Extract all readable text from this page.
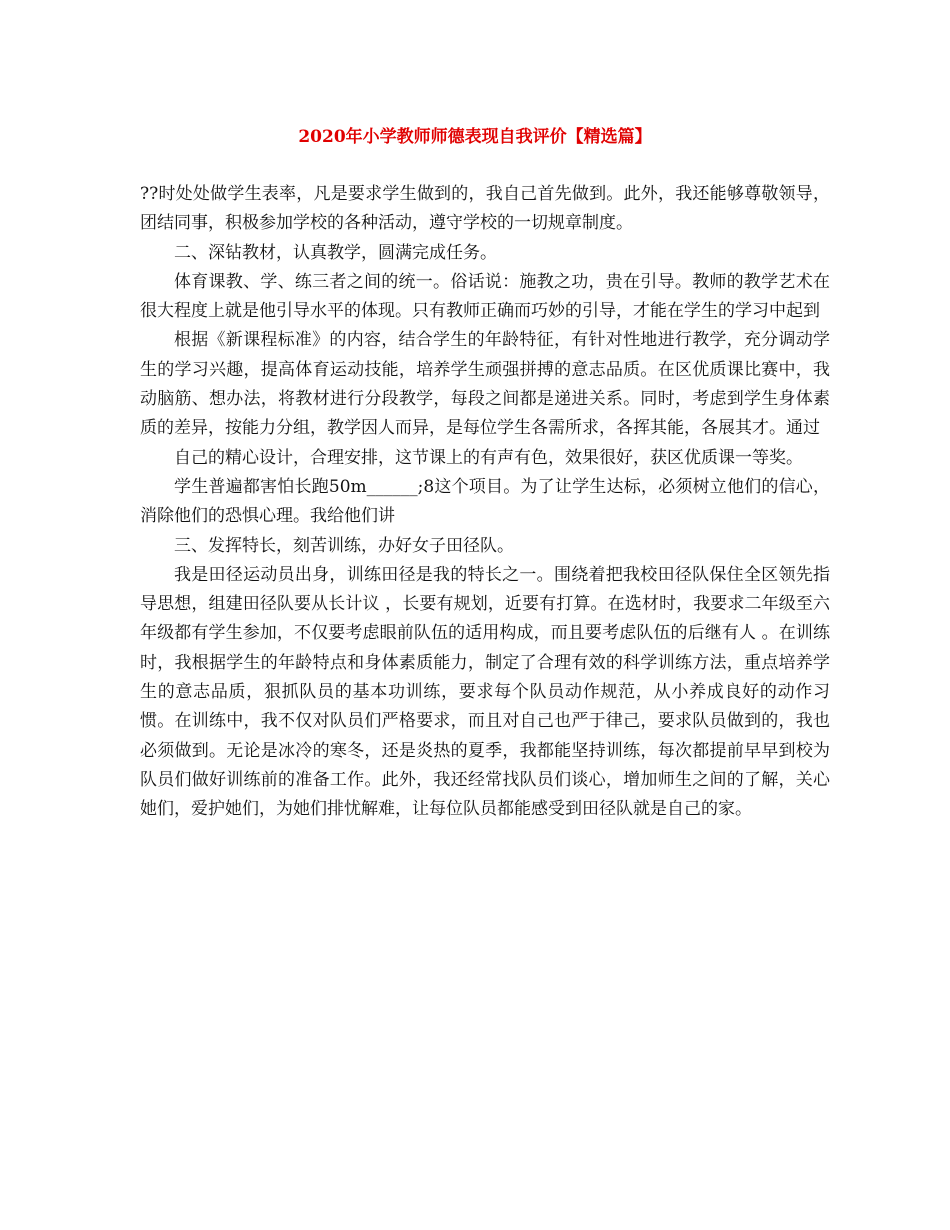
2020年小学教师师德表现自我评价【精选篇】

??时处处做学生表率，凡是要求学生做到的，我自己首先做到。此外，我还能够尊敬领导，团结同事，积极参加学校的各种活动，遵守学校的一切规章制度。

二、深钻教材，认真教学，圆满完成任务。

体育课教、学、练三者之间的统一。俗话说：施教之功，贵在引导。教师的教学艺术在很大程度上就是他引导水平的体现。只有教师正确而巧妙的引导，才能在学生的学习中起到

根据《新课程标准》的内容，结合学生的年龄特征，有针对性地进行教学，充分调动学生的学习兴趣，提高体育运动技能，培养学生顽强拼搏的意志品质。在区优质课比赛中，我动脑筋、想办法，将教材进行分段教学，每段之间都是递进关系。同时，考虑到学生身体素质的差异，按能力分组，教学因人而异，是每位学生各需所求，各挥其能，各展其才。通过

自己的精心设计，合理安排，这节课上的有声有色，效果很好，获区优质课一等奖。

学生普遍都害怕长跑50m______;8这个项目。为了让学生达标，必须树立他们的信心，消除他们的恐惧心理。我给他们讲

三、发挥特长，刻苦训练，办好女子田径队。

我是田径运动员出身，训练田径是我的特长之一。围绕着把我校田径队保住全区领先指导思想，组建田径队要从长计议 ，长要有规划，近要有打算。在选材时，我要求二年级至六年级都有学生参加，不仅要考虑眼前队伍的适用构成，而且要考虑队伍的后继有人 。在训练时，我根据学生的年龄特点和身体素质能力，制定了合理有效的科学训练方法，重点培养学生的意志品质，狠抓队员的基本功训练，要求每个队员动作规范，从小养成良好的动作习惯。在训练中，我不仅对队员们严格要求，而且对自己也严于律己，要求队员做到的，我也必须做到。无论是冰冷的寒冬，还是炎热的夏季，我都能坚持训练，每次都提前早早到校为队员们做好训练前的准备工作。此外，我还经常找队员们谈心，增加师生之间的了解，关心她们，爱护她们，为她们排忧解难，让每位队员都能感受到田径队就是自己的家。
